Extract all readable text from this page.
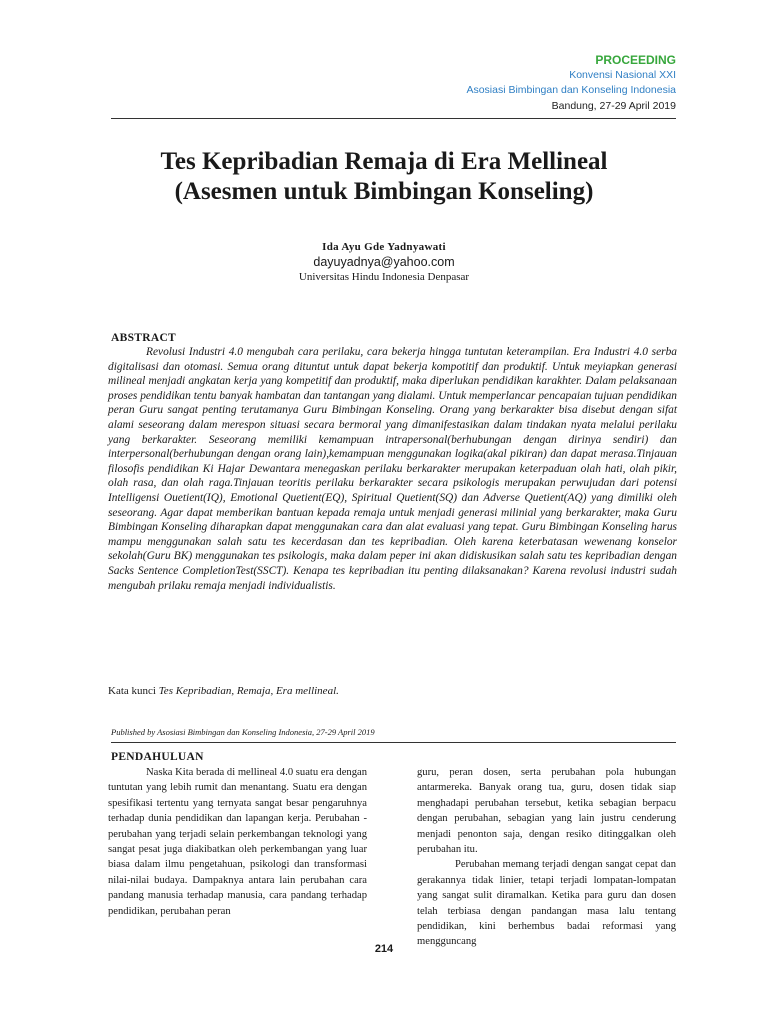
PROCEEDING
Konvensi Nasional XXI
Asosiasi Bimbingan dan Konseling Indonesia
Bandung, 27-29 April 2019
Tes Kepribadian Remaja di Era Mellineal
(Asesmen untuk Bimbingan Konseling)
Ida Ayu Gde Yadnyawati
dayuyadnya@yahoo.com
Universitas Hindu Indonesia Denpasar
ABSTRACT

Revolusi Industri 4.0 mengubah cara perilaku, cara bekerja hingga tuntutan keterampilan. Era Industri 4.0 serba digitalisasi dan otomasi. Semua orang dituntut untuk dapat bekerja kompotitif dan produktif. Untuk meyiapkan generasi milineal menjadi angkatan kerja yang kompetitif dan produktif, maka diperlukan pendidikan karakhter. Dalam pelaksanaan proses pendidikan tentu banyak hambatan dan tantangan yang dialami. Untuk memperlancar pencapaian tujuan pendidikan peran Guru sangat penting terutamanya Guru Bimbingan Konseling. Orang yang berkarakter bisa disebut dengan sifat alami seseorang dalam merespon situasi secara bermoral yang dimanifestasikan dalam tindakan nyata melalui perilaku yang berkarakter. Seseorang memiliki kemampuan intrapersonal(berhubungan dengan dirinya sendiri) dan interpersonal(berhubungan dengan orang lain),kemampuan menggunakan logika(akal pikiran) dan dapat merasa.Tinjauan filosofis pendidikan Ki Hajar Dewantara menegaskan perilaku berkarakter merupakan keterpaduan olah hati, olah pikir, olah rasa, dan olah raga.Tinjauan teoritis perilaku berkarakter secara psikologis merupakan perwujudan dari potensi Intelligensi Ouetient(IQ), Emotional Quetient(EQ), Spiritual Quetient(SQ) dan Adverse Quetient(AQ) yang dimiliki oleh seseorang. Agar dapat memberikan bantuan kepada remaja untuk menjadi generasi milinial yang berkarakter, maka Guru Bimbingan Konseling diharapkan dapat menggunakan cara dan alat evaluasi yang tepat. Guru Bimbingan Konseling harus mampu menggunakan salah satu tes kecerdasan dan tes kepribadian. Oleh karena keterbatasan wewenang konselor sekolah(Guru BK) menggunakan tes psikologis, maka dalam peper ini akan didiskusikan salah satu tes kepribadian dengan Sacks Sentence CompletionTest(SSCT). Kenapa tes kepribadian itu penting dilaksanakan? Karena revolusi industri sudah mengubah prilaku remaja menjadi individualistis.

Kata kunci Tes Kepribadian, Remaja, Era mellineal.
Published by Asosiasi Bimbingan dan Konseling Indonesia, 27-29 April 2019
PENDAHULUAN

Naska Kita berada di mellineal 4.0 suatu era dengan tuntutan yang lebih rumit dan menantang. Suatu era dengan spesifikasi tertentu yang ternyata sangat besar pengaruhnya terhadap dunia pendidikan dan lapangan kerja. Perubahan - perubahan yang terjadi selain perkembangan teknologi yang sangat pesat juga diakibatkan oleh perkembangan yang luar biasa dalam ilmu pengetahuan, psikologi dan transformasi nilai-nilai budaya. Dampaknya antara lain perubahan cara pandang manusia terhadap manusia, cara pandang terhadap pendidikan, perubahan peran

guru, peran dosen, serta perubahan pola hubungan antarmereka. Banyak orang tua, guru, dosen tidak siap menghadapi perubahan tersebut, ketika sebagian berpacu dengan perubahan, sebagian yang lain justru cenderung menjadi penonton saja, dengan resiko ditinggalkan oleh perubahan itu.

Perubahan memang terjadi dengan sangat cepat dan gerakannya tidak linier, tetapi terjadi lompatan-lompatan yang sangat sulit diramalkan. Ketika para guru dan dosen telah terbiasa dengan pandangan masa lalu tentang pendidikan, kini berhembus badai reformasi yang mengguncang

214
